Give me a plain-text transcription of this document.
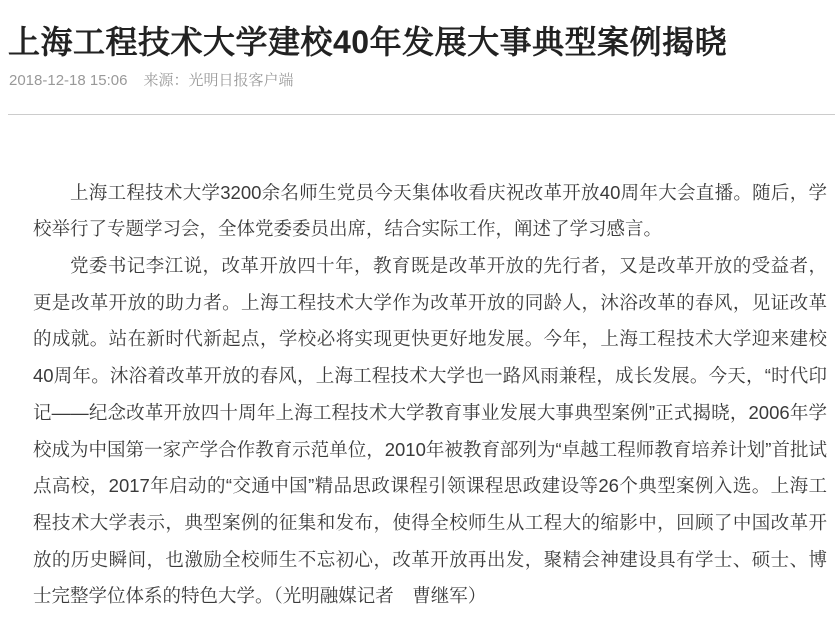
上海工程技术大学建校40年发展大事典型案例揭晓
2018-12-18 15:06 来源：光明日报客户端

上海工程技术大学3200余名师生党员今天集体收看庆祝改革开放40周年大会直播。随后，学校举行了专题学习会，全体党委委员出席，结合实际工作，阐述了学习感言。

党委书记李江说，改革开放四十年，教育既是改革开放的先行者，又是改革开放的受益者，更是改革开放的助力者。上海工程技术大学作为改革开放的同龄人，沐浴改革的春风，见证改革的成就。站在新时代新起点，学校必将实现更快更好地发展。今年，上海工程技术大学迎来建校40周年。沐浴着改革开放的春风，上海工程技术大学也一路风雨兼程，成长发展。今天，“时代印记——纪念改革开放四十周年上海工程技术大学教育事业发展大事典型案例”正式揭晓，2006年学校成为中国第一家产学合作教育示范单位，2010年被教育部列为“卓越工程师教育培养计划”首批试点高校，2017年启动的“交通中国”精品思政课程引领课程思政建设等26个典型案例入选。上海工程技术大学表示，典型案例的征集和发布，使得全校师生从工程大的缩影中，回顾了中国改革开放的历史瞬间，也激励全校师生不忘初心，改革开放再出发，聚精会神建设具有学士、硕士、博士完整学位体系的特色大学。（光明融媒记者　曹继军）
